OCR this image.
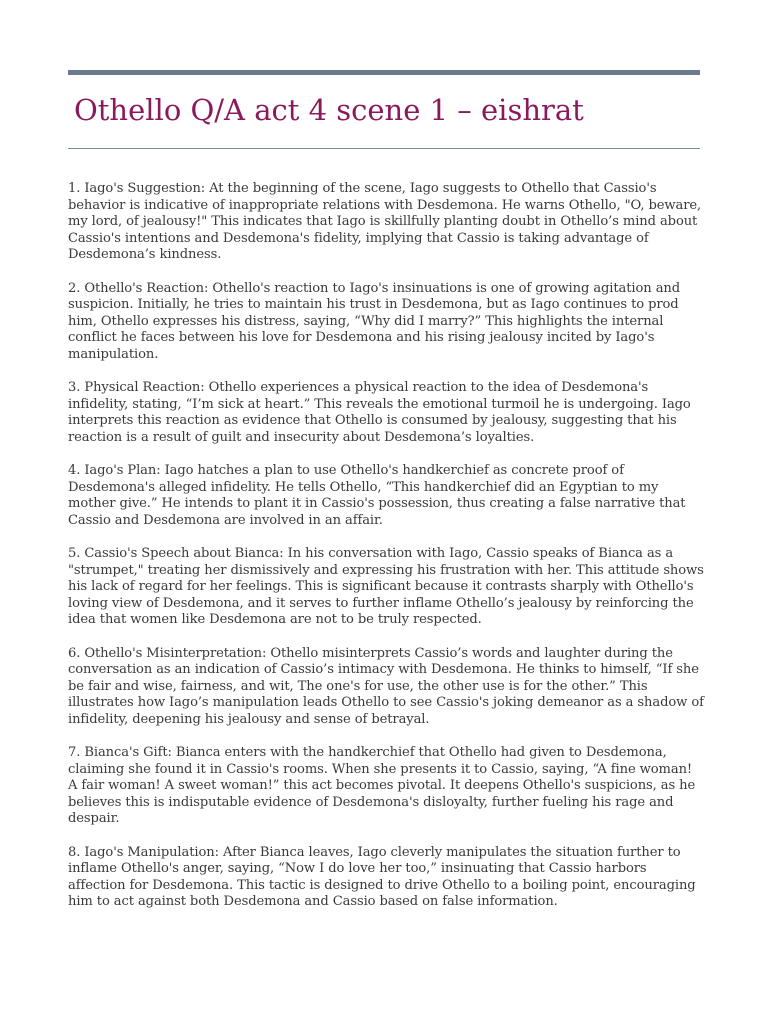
Othello Q/A act 4 scene 1 – eishrat

1. Iago's Suggestion: At the beginning of the scene, Iago suggests to Othello that Cassio's behavior is indicative of inappropriate relations with Desdemona. He warns Othello, "O, beware, my lord, of jealousy!" This indicates that Iago is skillfully planting doubt in Othello’s mind about Cassio's intentions and Desdemona's fidelity, implying that Cassio is taking advantage of Desdemona’s kindness.

2. Othello's Reaction: Othello's reaction to Iago's insinuations is one of growing agitation and suspicion. Initially, he tries to maintain his trust in Desdemona, but as Iago continues to prod him, Othello expresses his distress, saying, “Why did I marry?” This highlights the internal conflict he faces between his love for Desdemona and his rising jealousy incited by Iago's manipulation.

3. Physical Reaction: Othello experiences a physical reaction to the idea of Desdemona's infidelity, stating, “I’m sick at heart.” This reveals the emotional turmoil he is undergoing. Iago interprets this reaction as evidence that Othello is consumed by jealousy, suggesting that his reaction is a result of guilt and insecurity about Desdemona’s loyalties.

4. Iago's Plan: Iago hatches a plan to use Othello's handkerchief as concrete proof of Desdemona's alleged infidelity. He tells Othello, “This handkerchief did an Egyptian to my mother give.” He intends to plant it in Cassio's possession, thus creating a false narrative that Cassio and Desdemona are involved in an affair.

5. Cassio's Speech about Bianca: In his conversation with Iago, Cassio speaks of Bianca as a "strumpet," treating her dismissively and expressing his frustration with her. This attitude shows his lack of regard for her feelings. This is significant because it contrasts sharply with Othello's loving view of Desdemona, and it serves to further inflame Othello’s jealousy by reinforcing the idea that women like Desdemona are not to be truly respected.

6. Othello's Misinterpretation: Othello misinterprets Cassio’s words and laughter during the conversation as an indication of Cassio’s intimacy with Desdemona. He thinks to himself, “If she be fair and wise, fairness, and wit, The one's for use, the other use is for the other.” This illustrates how Iago’s manipulation leads Othello to see Cassio's joking demeanor as a shadow of infidelity, deepening his jealousy and sense of betrayal.

7. Bianca's Gift: Bianca enters with the handkerchief that Othello had given to Desdemona, claiming she found it in Cassio's rooms. When she presents it to Cassio, saying, “A fine woman! A fair woman! A sweet woman!” this act becomes pivotal. It deepens Othello's suspicions, as he believes this is indisputable evidence of Desdemona's disloyalty, further fueling his rage and despair.

8. Iago's Manipulation: After Bianca leaves, Iago cleverly manipulates the situation further to inflame Othello's anger, saying, “Now I do love her too,” insinuating that Cassio harbors affection for Desdemona. This tactic is designed to drive Othello to a boiling point, encouraging him to act against both Desdemona and Cassio based on false information.
